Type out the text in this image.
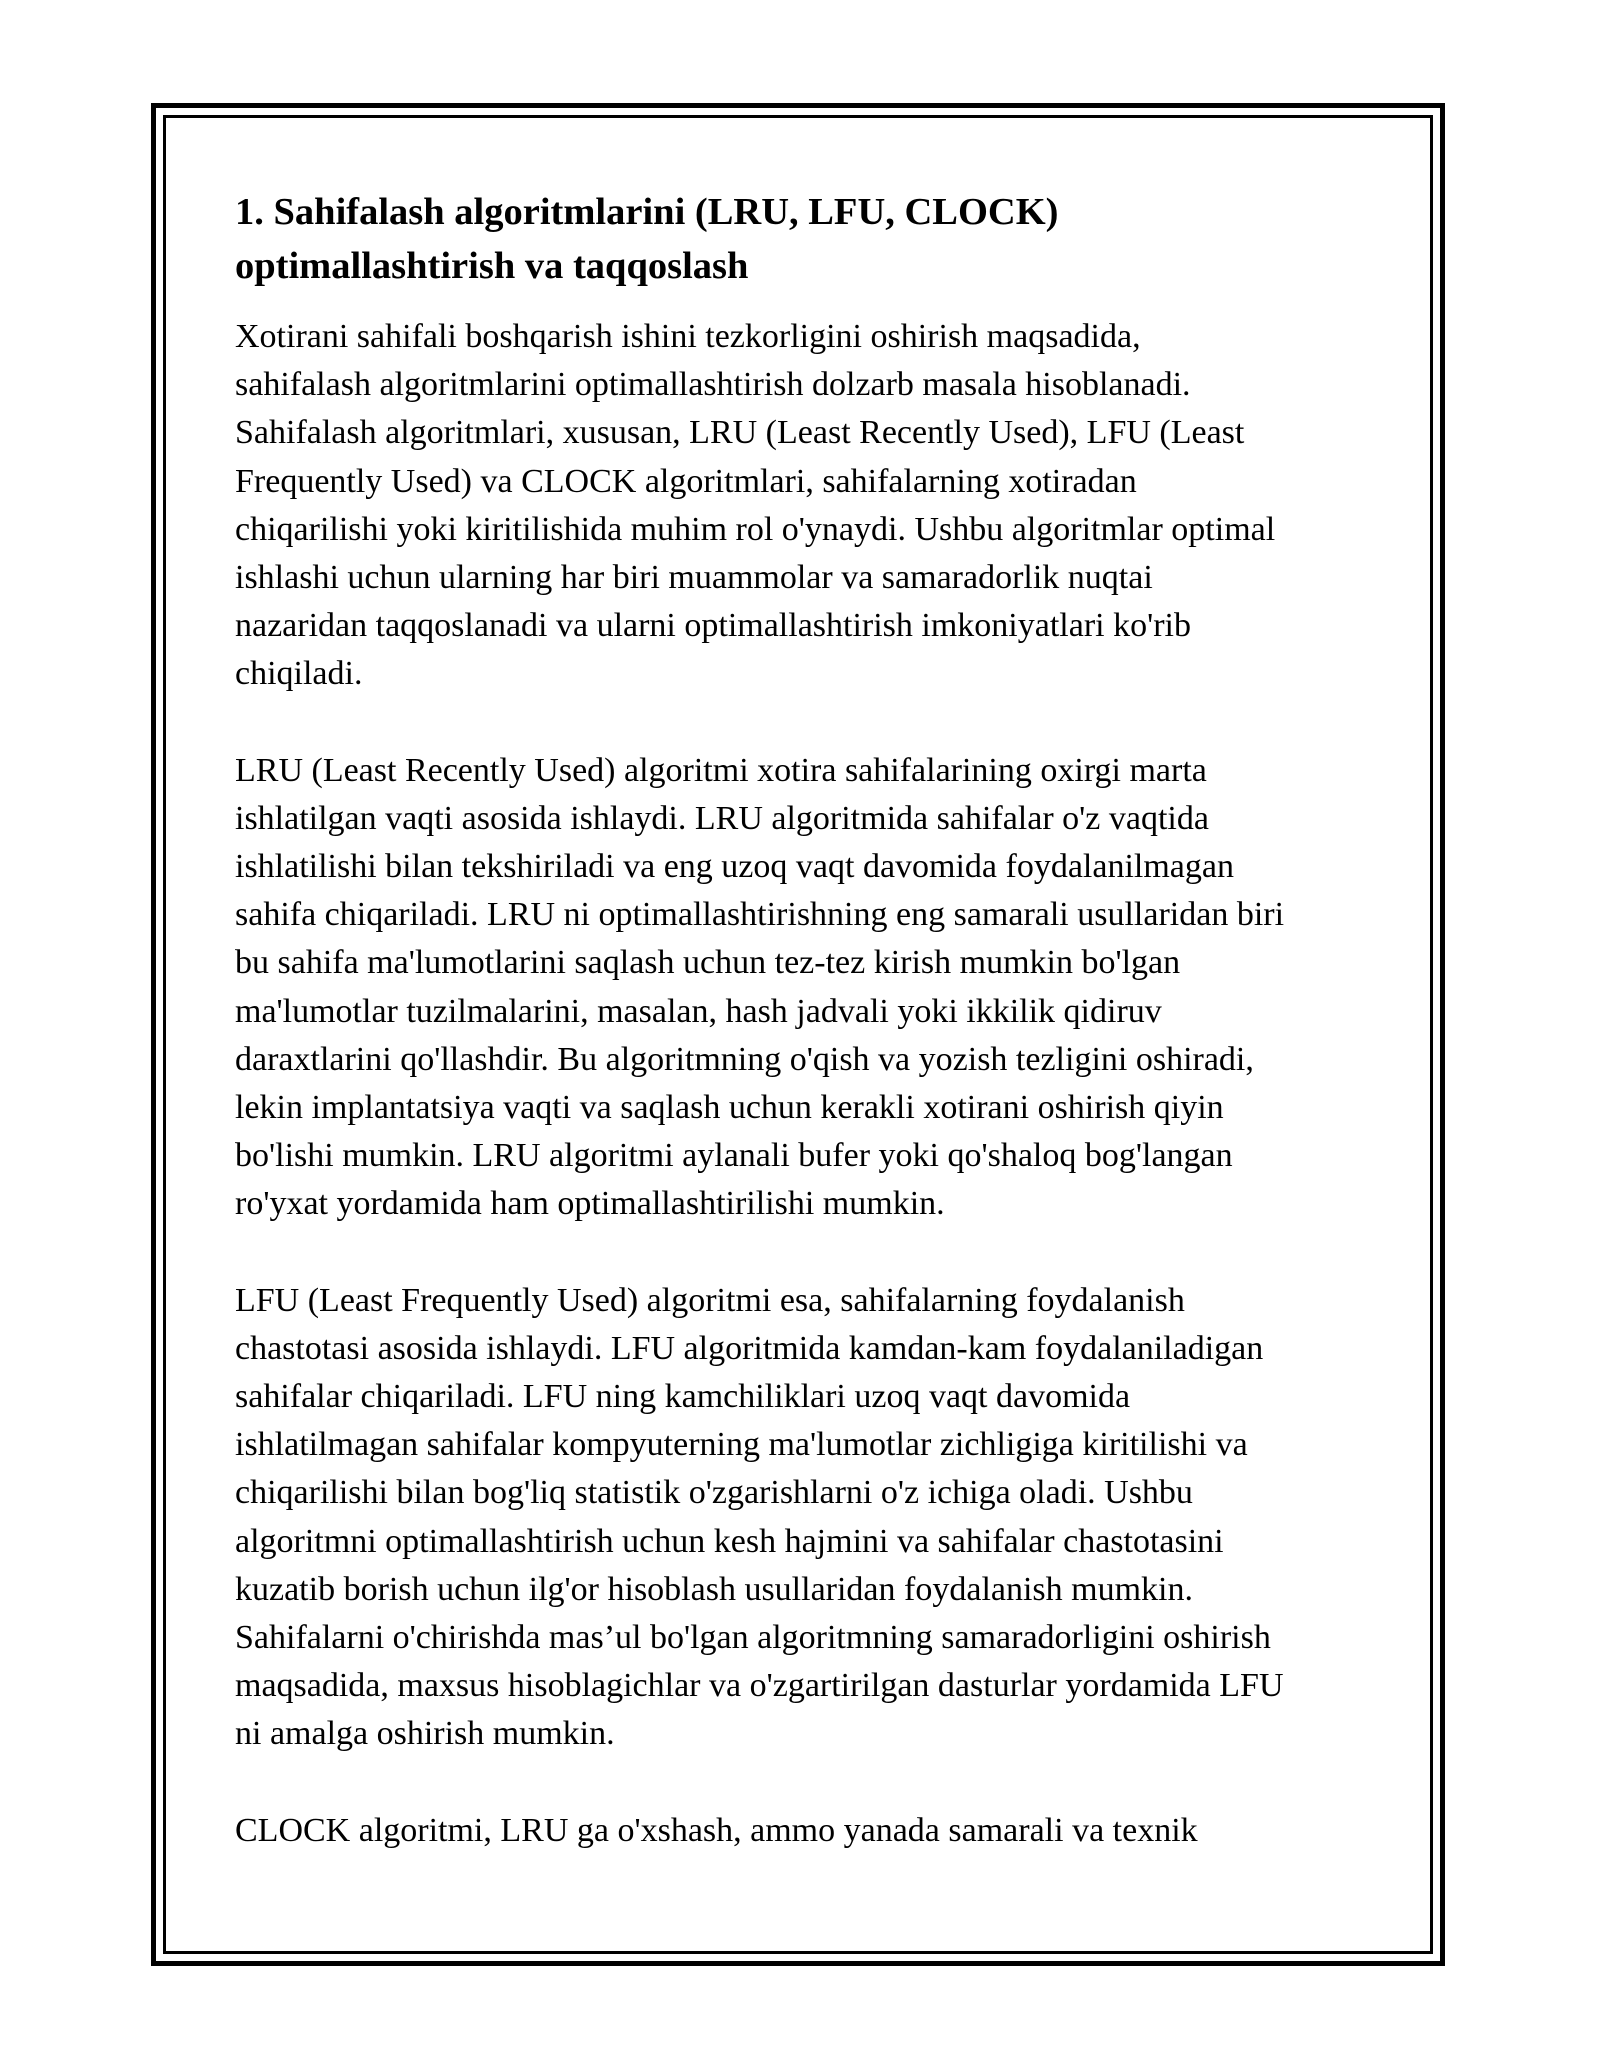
1. Sahifalash algoritmlarini (LRU, LFU, CLOCK)
optimallashtirish va taqqoslash
Xotirani sahifali boshqarish ishini tezkorligini oshirish maqsadida,
sahifalash algoritmlarini optimallashtirish dolzarb masala hisoblanadi.
Sahifalash algoritmlari, xususan, LRU (Least Recently Used), LFU (Least
Frequently Used) va CLOCK algoritmlari, sahifalarning xotiradan
chiqarilishi yoki kiritilishida muhim rol o'ynaydi. Ushbu algoritmlar optimal
ishlashi uchun ularning har biri muammolar va samaradorlik nuqtai
nazaridan taqqoslanadi va ularni optimallashtirish imkoniyatlari ko'rib
chiqiladi.
LRU (Least Recently Used) algoritmi xotira sahifalarining oxirgi marta
ishlatilgan vaqti asosida ishlaydi. LRU algoritmida sahifalar o'z vaqtida
ishlatilishi bilan tekshiriladi va eng uzoq vaqt davomida foydalanilmagan
sahifa chiqariladi. LRU ni optimallashtirishning eng samarali usullaridan biri
bu sahifa ma'lumotlarini saqlash uchun tez-tez kirish mumkin bo'lgan
ma'lumotlar tuzilmalarini, masalan, hash jadvali yoki ikkilik qidiruv
daraxtlarini qo'llashdir. Bu algoritmning o'qish va yozish tezligini oshiradi,
lekin implantatsiya vaqti va saqlash uchun kerakli xotirani oshirish qiyin
bo'lishi mumkin. LRU algoritmi aylanali bufer yoki qo'shaloq bog'langan
ro'yxat yordamida ham optimallashtirilishi mumkin.
LFU (Least Frequently Used) algoritmi esa, sahifalarning foydalanish
chastotasi asosida ishlaydi. LFU algoritmida kamdan-kam foydalaniladigan
sahifalar chiqariladi. LFU ning kamchiliklari uzoq vaqt davomida
ishlatilmagan sahifalar kompyuterning ma'lumotlar zichligiga kiritilishi va
chiqarilishi bilan bog'liq statistik o'zgarishlarni o'z ichiga oladi. Ushbu
algoritmni optimallashtirish uchun kesh hajmini va sahifalar chastotasini
kuzatib borish uchun ilg'or hisoblash usullaridan foydalanish mumkin.
Sahifalarni o'chirishda mas’ul bo'lgan algoritmning samaradorligini oshirish
maqsadida, maxsus hisoblagichlar va o'zgartirilgan dasturlar yordamida LFU
ni amalga oshirish mumkin.
CLOCK algoritmi, LRU ga o'xshash, ammo yanada samarali va texnik
